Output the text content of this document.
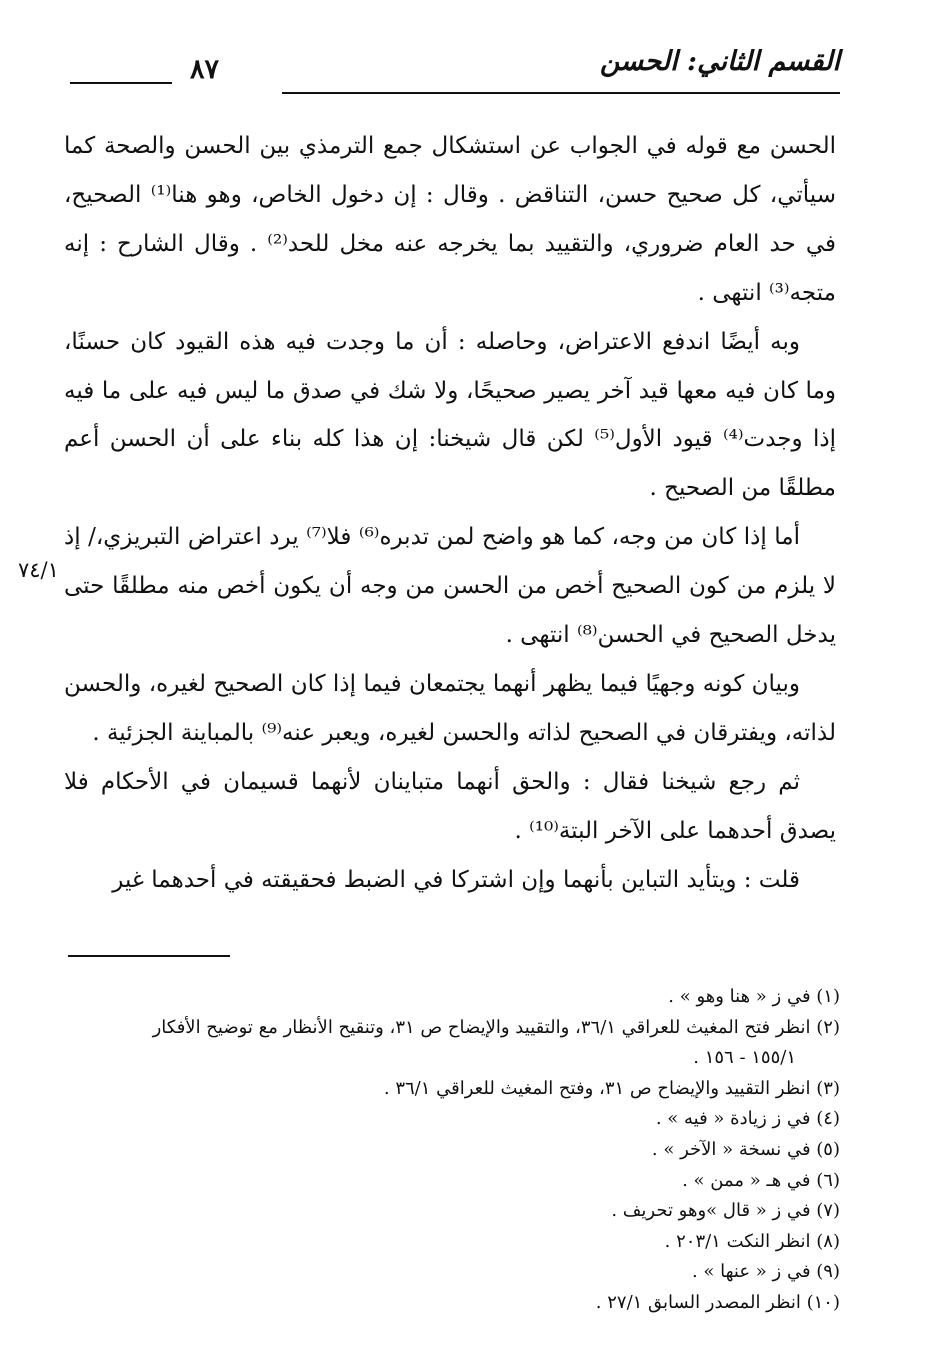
القسم الثاني: الحسن
٨٧

الحسن مع قوله في الجواب عن استشكال جمع الترمذي بين الحسن والصحة كما سيأتي، كل صحيح حسن، التناقض . وقال : إن دخول الخاص، وهو هنا⁽¹⁾ الصحيح، في حد العام ضروري، والتقييد بما يخرجه عنه مخل للحد⁽²⁾ . وقال الشارح : إنه متجه⁽³⁾ انتهى .

وبه أيضًا اندفع الاعتراض، وحاصله : أن ما وجدت فيه هذه القيود كان حسنًا، وما كان فيه معها قيد آخر يصير صحيحًا، ولا شك في صدق ما ليس فيه على ما فيه إذا وجدت⁽⁴⁾ قيود الأول⁽⁵⁾ لكن قال شيخنا: إن هذا كله بناء على أن الحسن أعم مطلقًا من الصحيح .

أما إذا كان من وجه، كما هو واضح لمن تدبره⁽⁶⁾ فلا⁽⁷⁾ يرد اعتراض التبريزي،/ إذ لا يلزم من كون الصحيح أخص من الحسن من وجه أن يكون أخص منه مطلقًا حتى يدخل الصحيح في الحسن⁽⁸⁾ انتهى .

وبيان كونه وجهيًا فيما يظهر أنهما يجتمعان فيما إذا كان الصحيح لغيره، والحسن لذاته، ويفترقان في الصحيح لذاته والحسن لغيره، ويعبر عنه⁽⁹⁾ بالمباينة الجزئية .

ثم رجع شيخنا فقال : والحق أنهما متباينان لأنهما قسيمان في الأحكام فلا يصدق أحدهما على الآخر البتة⁽¹⁰⁾ .

قلت : ويتأيد التباين بأنهما وإن اشتركا في الضبط فحقيقته في أحدهما غير

٧٤/١

(١) في ز « هنا وهو » .

(٢) انظر فتح المغيث للعراقي ٣٦/١، والتقييد والإيضاح ص ٣١، وتنقيح الأنظار مع توضيح الأفكار

١٥٥/١ - ١٥٦ .

(٣) انظر التقييد والإيضاح ص ٣١، وفتح المغيث للعراقي ٣٦/١ .

(٤) في ز زيادة « فيه » .

(٥) في نسخة « الآخر » .

(٦) في هـ « ممن » .

(٧) في ز « قال »وهو تحريف .

(٨) انظر النكت ٢٠٣/١ .

(٩) في ز « عنها » .

(١٠) انظر المصدر السابق ٢٧/١ .
